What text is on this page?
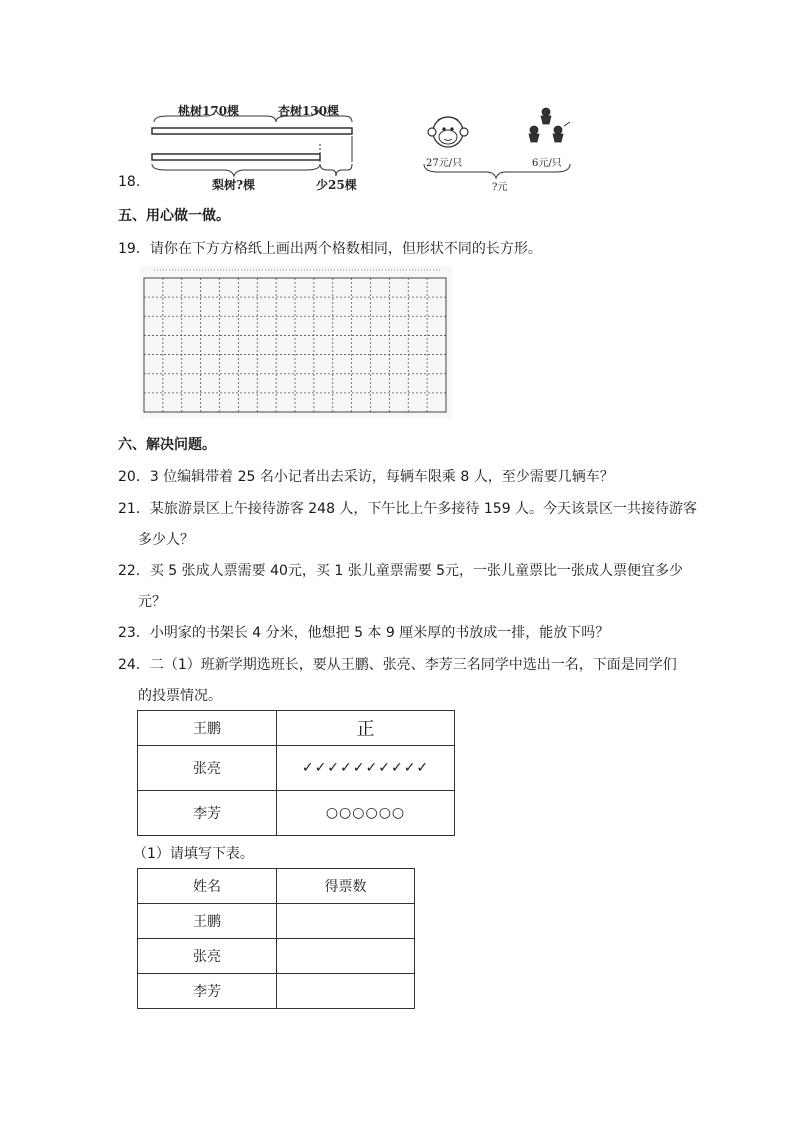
18.
桃树170棵	杏树130棵
梨树?棵	少25棵
27元/只	6元/只
?元
五、用心做一做。
19．请你在下方方格纸上画出两个格数相同，但形状不同的长方形。
六、解决问题。
20．3 位编辑带着 25 名小记者出去采访，每辆车限乘 8 人，至少需要几辆车？
21．某旅游景区上午接待游客 248 人，下午比上午多接待 159 人。今天该景区一共接待游客
多少人？
22．买 5 张成人票需要 40元，买 1 张儿童票需要 5元，一张儿童票比一张成人票便宜多少
元？
23．小明家的书架长 4 分米，他想把 5 本 9 厘米厚的书放成一排，能放下吗？
24．二（1）班新学期选班长，要从王鹏、张亮、李芳三名同学中选出一名，下面是同学们
的投票情况。
王鹏	正
张亮	✓✓✓✓✓✓✓✓✓✓
李芳	○○○○○○
（1）请填写下表。
姓名	得票数
王鹏	
张亮	
李芳	
